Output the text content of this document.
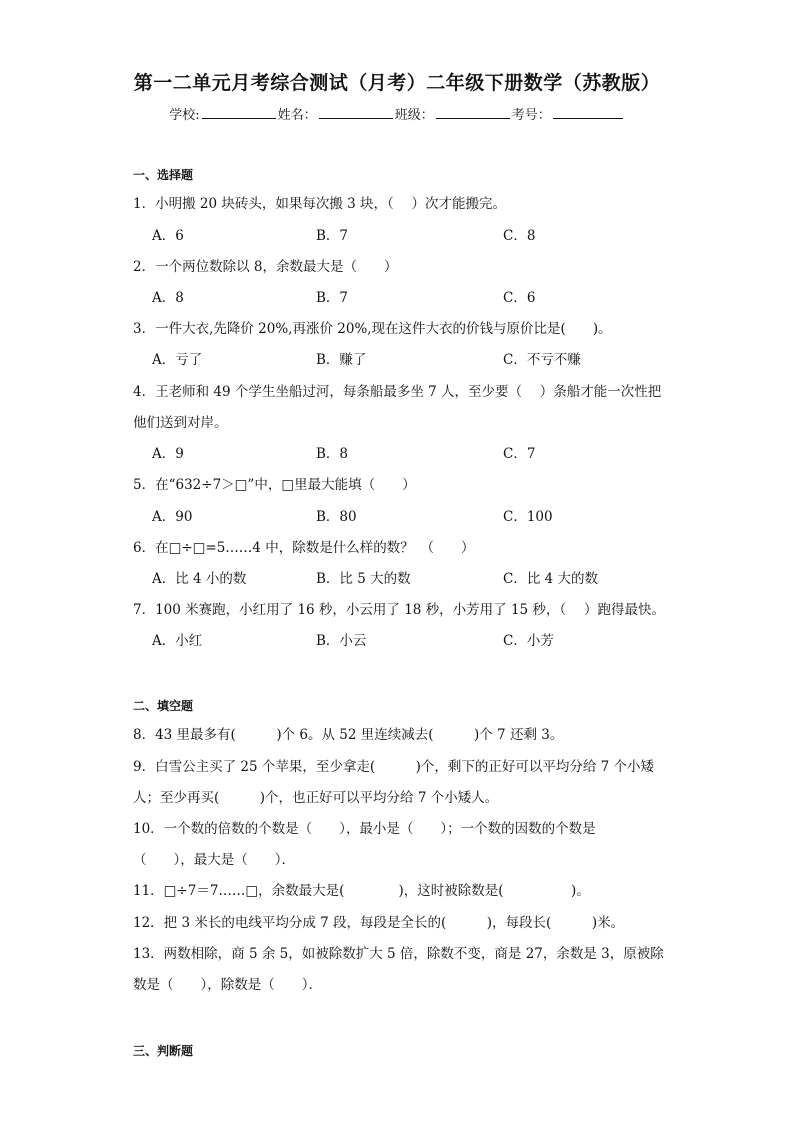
第一二单元月考综合测试（月考）二年级下册数学（苏教版）
学校:	姓名：	班级：	考号：
一、选择题
1．小明搬 20 块砖头，如果每次搬 3 块，（　 ）次才能搬完。
A．6	B．7	C．8
2．一个两位数除以 8，余数最大是（　　）
A．8	B．7	C．6
3．一件大衣,先降价 20%,再涨价 20%,现在这件大衣的价钱与原价比是(　　)。
A．亏了	B．赚了	C．不亏不赚
4．王老师和 49 个学生坐船过河，每条船最多坐 7 人，至少要（　 ）条船才能一次性把
他们送到对岸。
A．9	B．8	C．7
5．在“632÷7＞□”中，□里最大能填（　　）
A．90	B．80	C．100
6．在□÷□=5……4 中，除数是什么样的数？　（　　）
A．比 4 小的数	B．比 5 大的数	C．比 4 大的数
7．100 米赛跑，小红用了 16 秒，小云用了 18 秒，小芳用了 15 秒，（　 ）跑得最快。
A．小红	B．小云	C．小芳
二、填空题
8．43 里最多有(　　　)个 6。从 52 里连续减去(　　　)个 7 还剩 3。
9．白雪公主买了 25 个苹果，至少拿走(　　　)个，剩下的正好可以平均分给 7 个小矮
人；至少再买(　　　)个，也正好可以平均分给 7 个小矮人。
10．一个数的倍数的个数是（　　），最小是（　　）；一个数的因数的个数是
（　　），最大是（　　）．
11．□÷7＝7……□，余数最大是(　　　　)，这时被除数是(　　　　　)。
12．把 3 米长的电线平均分成 7 段，每段是全长的(　　　)，每段长(　　　)米。
13．两数相除，商 5 余 5，如被除数扩大 5 倍，除数不变，商是 27，余数是 3，原被除
数是（　　），除数是（　　）．
三、判断题
